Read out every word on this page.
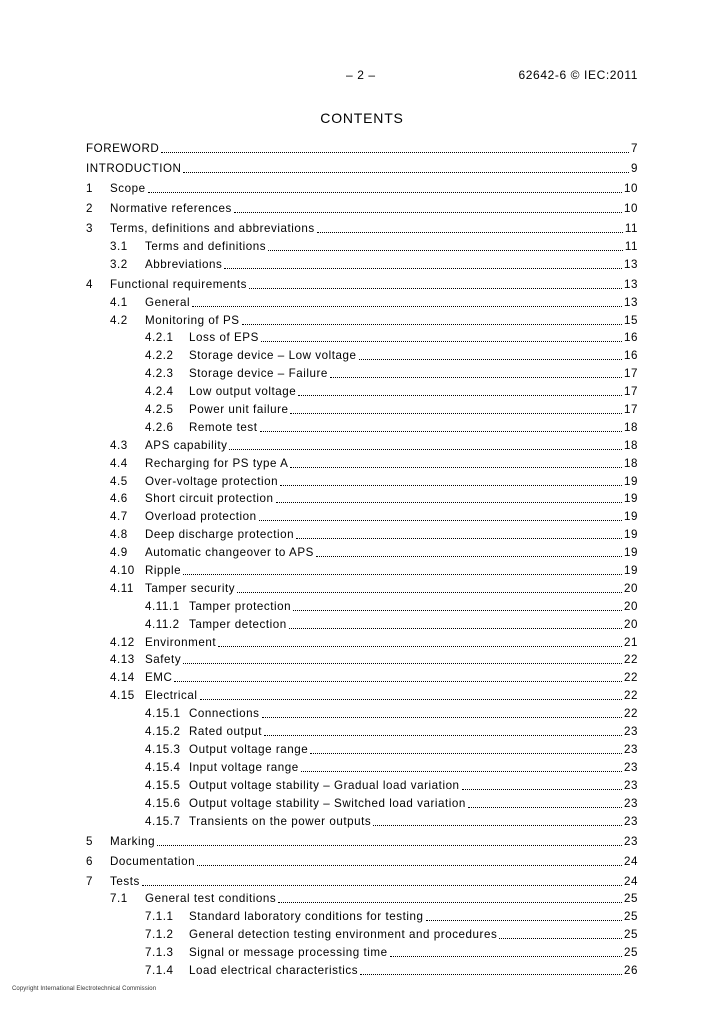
– 2 –	62642-6 © IEC:2011
CONTENTS
FOREWORD	7
INTRODUCTION	9
1	Scope	10
2	Normative references	10
3	Terms, definitions and abbreviations	11
3.1	Terms and definitions	11
3.2	Abbreviations	13
4	Functional requirements	13
4.1	General	13
4.2	Monitoring of PS	15
4.2.1	Loss of EPS	16
4.2.2	Storage device – Low voltage	16
4.2.3	Storage device – Failure	17
4.2.4	Low output voltage	17
4.2.5	Power unit failure	17
4.2.6	Remote test	18
4.3	APS capability	18
4.4	Recharging for PS type A	18
4.5	Over-voltage protection	19
4.6	Short circuit protection	19
4.7	Overload protection	19
4.8	Deep discharge protection	19
4.9	Automatic changeover to APS	19
4.10 Ripple	19
4.11 Tamper security	20
4.11.1 Tamper protection	20
4.11.2 Tamper detection	20
4.12 Environment	21
4.13 Safety	22
4.14 EMC	22
4.15 Electrical	22
4.15.1 Connections	22
4.15.2 Rated output	23
4.15.3 Output voltage range	23
4.15.4 Input voltage range	23
4.15.5 Output voltage stability – Gradual load variation	23
4.15.6 Output voltage stability – Switched load variation	23
4.15.7 Transients on the power outputs	23
5	Marking	23
6	Documentation	24
7	Tests	24
7.1	General test conditions	25
7.1.1	Standard laboratory conditions for testing	25
7.1.2	General detection testing environment and procedures	25
7.1.3	Signal or message processing time	25
7.1.4	Load electrical characteristics	26
Copyright International Electrotechnical Commission
